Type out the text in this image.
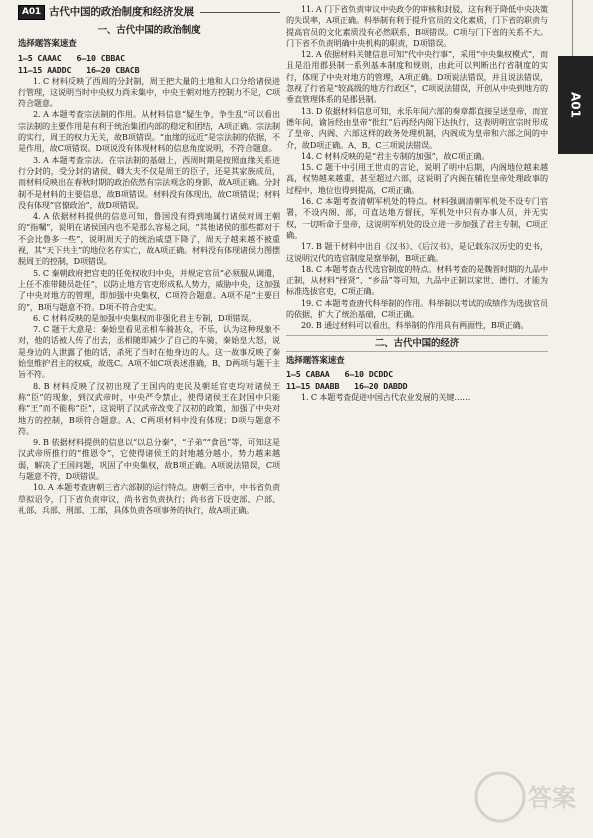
A01
A01 古代中国的政治制度和经济发展
一、古代中国的政治制度
选择题答案速查
1—5 CAAAC 6—10 CBBAC
11—15 AADDC 16—20 CBACB

1. C 材料反映了西周的分封制，周王把大量的土地和人口分给诸侯进行管理，这说明当时中央权力尚未集中，中央王朝对地方控制力不足，C项符合题意。

2. A 本题考查宗法制的作用。从材料信息“疑生争，争生乱”可以看出宗法制的主要作用是有利于统治集团内部的稳定和团结，A项正确。宗法制的实行，周王的权力无关，故B项错误。“血缘的远近”是宗法制的依据，不是作用，故C项错误。D项说没有体现材料的信息角度说明，不符合题意。

3. A 本题考查宗法。在宗法制的基础上，西周时期是按照血缘关系进行分封的，受分封的诸侯、卿大夫不仅是周王的臣子，还是其家族成员，而材料反映出在春秋时期的政治依然有宗法观念的身影，故A项正确。分封制不是材料的主要信息，故B项错误。材料没有体现出，故C项错误；材料没有体现“官僚政治”，故D项错误。

4. A 依据材料提供的信息可知，鲁国没有得到地属行诸侯对周王朝的“指嘱”，说明在诸侯国内也不是那么容易之间，“其他诸侯的那些都对于不会比鲁多一些”，说明周天子的统治威望下降了，周天子越来越不被重视，其“天下共主”的地位名存实亡，故A项正确。材料没有体现诸侯力图摆脱周王的控制，D项错误。

5. C 秦朝政府把官吏的任免权收归中央，并规定官员“必须服从调遣，上任不准带随员赴任”，以防止地方官吏形成私人势力，威胁中央，这加强了中央对地方的管理，即加强中央集权，C项符合题意。A项不是“主要目的”，B项与题意不符。D项不符合史实。

6. C 材料反映的是加强中央集权而非强化君主专制，D项错误。

7. C 题干大意是：秦始皇看见丞相车骑甚众，不乐，认为这种现象不对，他的话被人传了出去，丞相随即减少了自己的车骑，秦始皇大怒，说是身边的人泄露了他的话，杀死了当时在他身边的人。这一故事反映了秦始皇维护君主的权威，故选C。A项不如C项表述准确，B、D两项与题干主旨不符。

8. B 材料反映了汉初出现了王国内的吏民及朝廷官吏均对诸侯王称“臣”的现象，到汉武帝时，中央严令禁止，使得诸侯王在封国中只能称“王”而不能称“臣”，这说明了汉武帝改变了汉初的政策，加强了中央对地方的控制，B项符合题意。A、C两项材料中没有体现；D项与题意不符。

9. B 依据材料提供的信息以“以总分秦”，“子弟”“食邑”等，可知这是汉武帝所推行的“推恩令”，它使得诸侯王的封地越分越小，势力越来越弱，解决了王国问题，巩固了中央集权，故B项正确。A项说法错误，C项与题意不符，D项错误。

10. A 本题考查唐朝三省六部制的运行特点。唐朝三省中，中书省负责草拟诏令，门下省负责审议，尚书省负责执行；尚书省下设吏部、户部、礼部、兵部、刑部、工部，具体负责各项事务的执行，故A项正确。

11. A 门下省负责审议中央政令的审核和封驳，这有利于降低中央决策的失误率，A项正确。科举制有利于提升官员的文化素质，门下省的职责与提高官员的文化素质没有必然联系，B项错误。C项与门下省的关系不大。门下省不负责明确中央机构的职责，D项错误。

12. A 依据材料关键信息可知“代中央行事”，采用“中央集权模式”，而且是沿用郡县制一系列基本制度和规则，由此可以判断出行省制度的实行，体现了中央对地方的管理，A项正确。D项说法错误，并且说法错误，忽视了行省是“较高级的地方行政区”，C项说法错误，开创从中央到地方的垂直管理体系的是郡县制。

13. D 依据材料信息可知，永乐年间六部的奏章都直接呈送皇帝，而宣德年间，谕旨经由皇帝“批红”后再经内阁下达执行，这表明明宣宗时形成了皇帝、内阁、六部这样的政务处理机制，内阁成为皇帝和六部之间的中介，故D项正确。A、B、C三项说法错误。

14. C 材料反映的是“君主专制的加强”，故C项正确。

15. C 题干中引用王世贞的言论，说明了明中后期，内阁地位越来越高，权势越来越重，甚至超过六部，这说明了内阁在辅佐皇帝处理政事的过程中，地位也得到提高，C项正确。

16. C 本题考查清朝军机处的特点。材料强调清朝军机处不设专门官署，不设内阁、部，可直达地方督抚，军机处中只有办事人员，并无实权，一切听命于皇帝，这说明军机处的设立进一步加强了君主专制，C项正确。

17. B 题干材料中出自《汉书》、《后汉书》，是记载东汉历史的史书，这说明汉代的选官制度是察举制，B项正确。

18. C 本题考查古代选官制度的特点。材料考查的是魏晋时期的九品中正制，从材料“择贤”、“乡品”等可知，九品中正制以家世、德行、才能为标准选拔官吏，C项正确。

19. C 本题考查唐代科举制的作用。科举制以考试的成绩作为选拔官员的依据，扩大了统治基础，C项正确。

20. B 通过材料可以看出，科举制的作用具有两面性，B项正确。

二、古代中国的经济
选择题答案速查
1—5 CABAA 6—10 DCDDC
11—15 DAABB 16—20 DABDD

1. C 本题考查促进中国古代农业发展的关键……

答案
